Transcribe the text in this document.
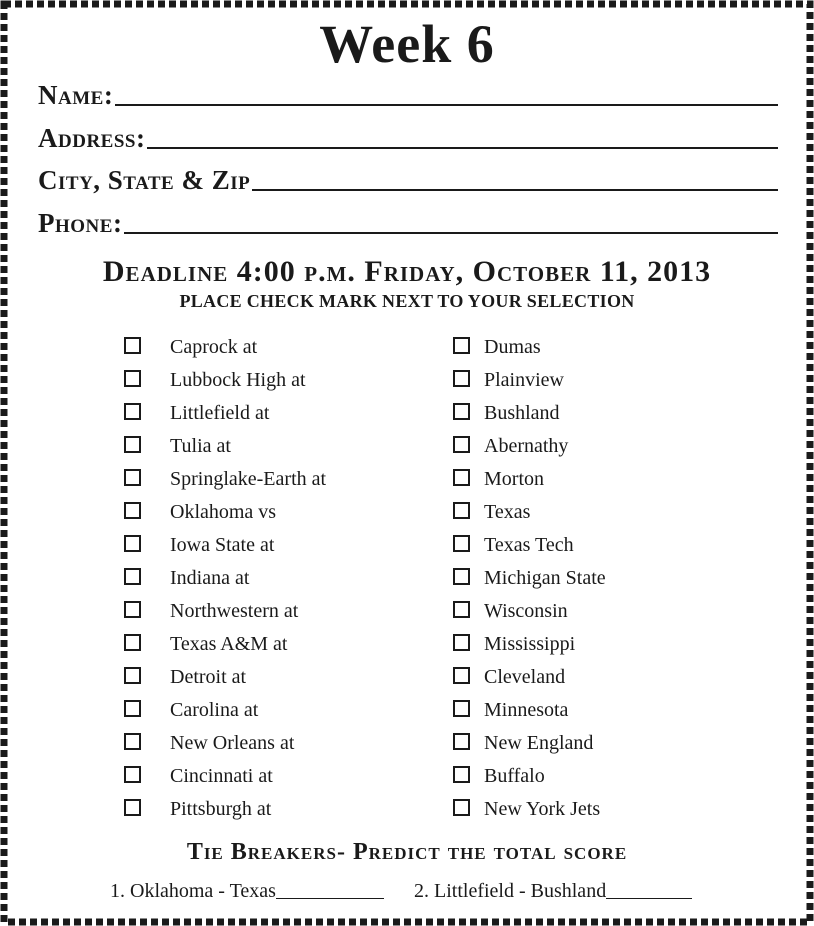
Week 6
Name:
Address:
City, State & Zip
Phone:
Deadline 4:00 p.m. Friday, October 11, 2013
PLACE CHECK MARK NEXT TO YOUR SELECTION
Caprock at	Dumas
Lubbock High at	Plainview
Littlefield at	Bushland
Tulia at	Abernathy
Springlake-Earth at	Morton
Oklahoma vs	Texas
Iowa State at	Texas Tech
Indiana at	Michigan State
Northwestern at	Wisconsin
Texas A&M at	Mississippi
Detroit at	Cleveland
Carolina at	Minnesota
New Orleans at	New England
Cincinnati at	Buffalo
Pittsburgh at	New York Jets
Tie Breakers- Predict the total score
1. Oklahoma - Texas	2. Littlefield - Bushland
